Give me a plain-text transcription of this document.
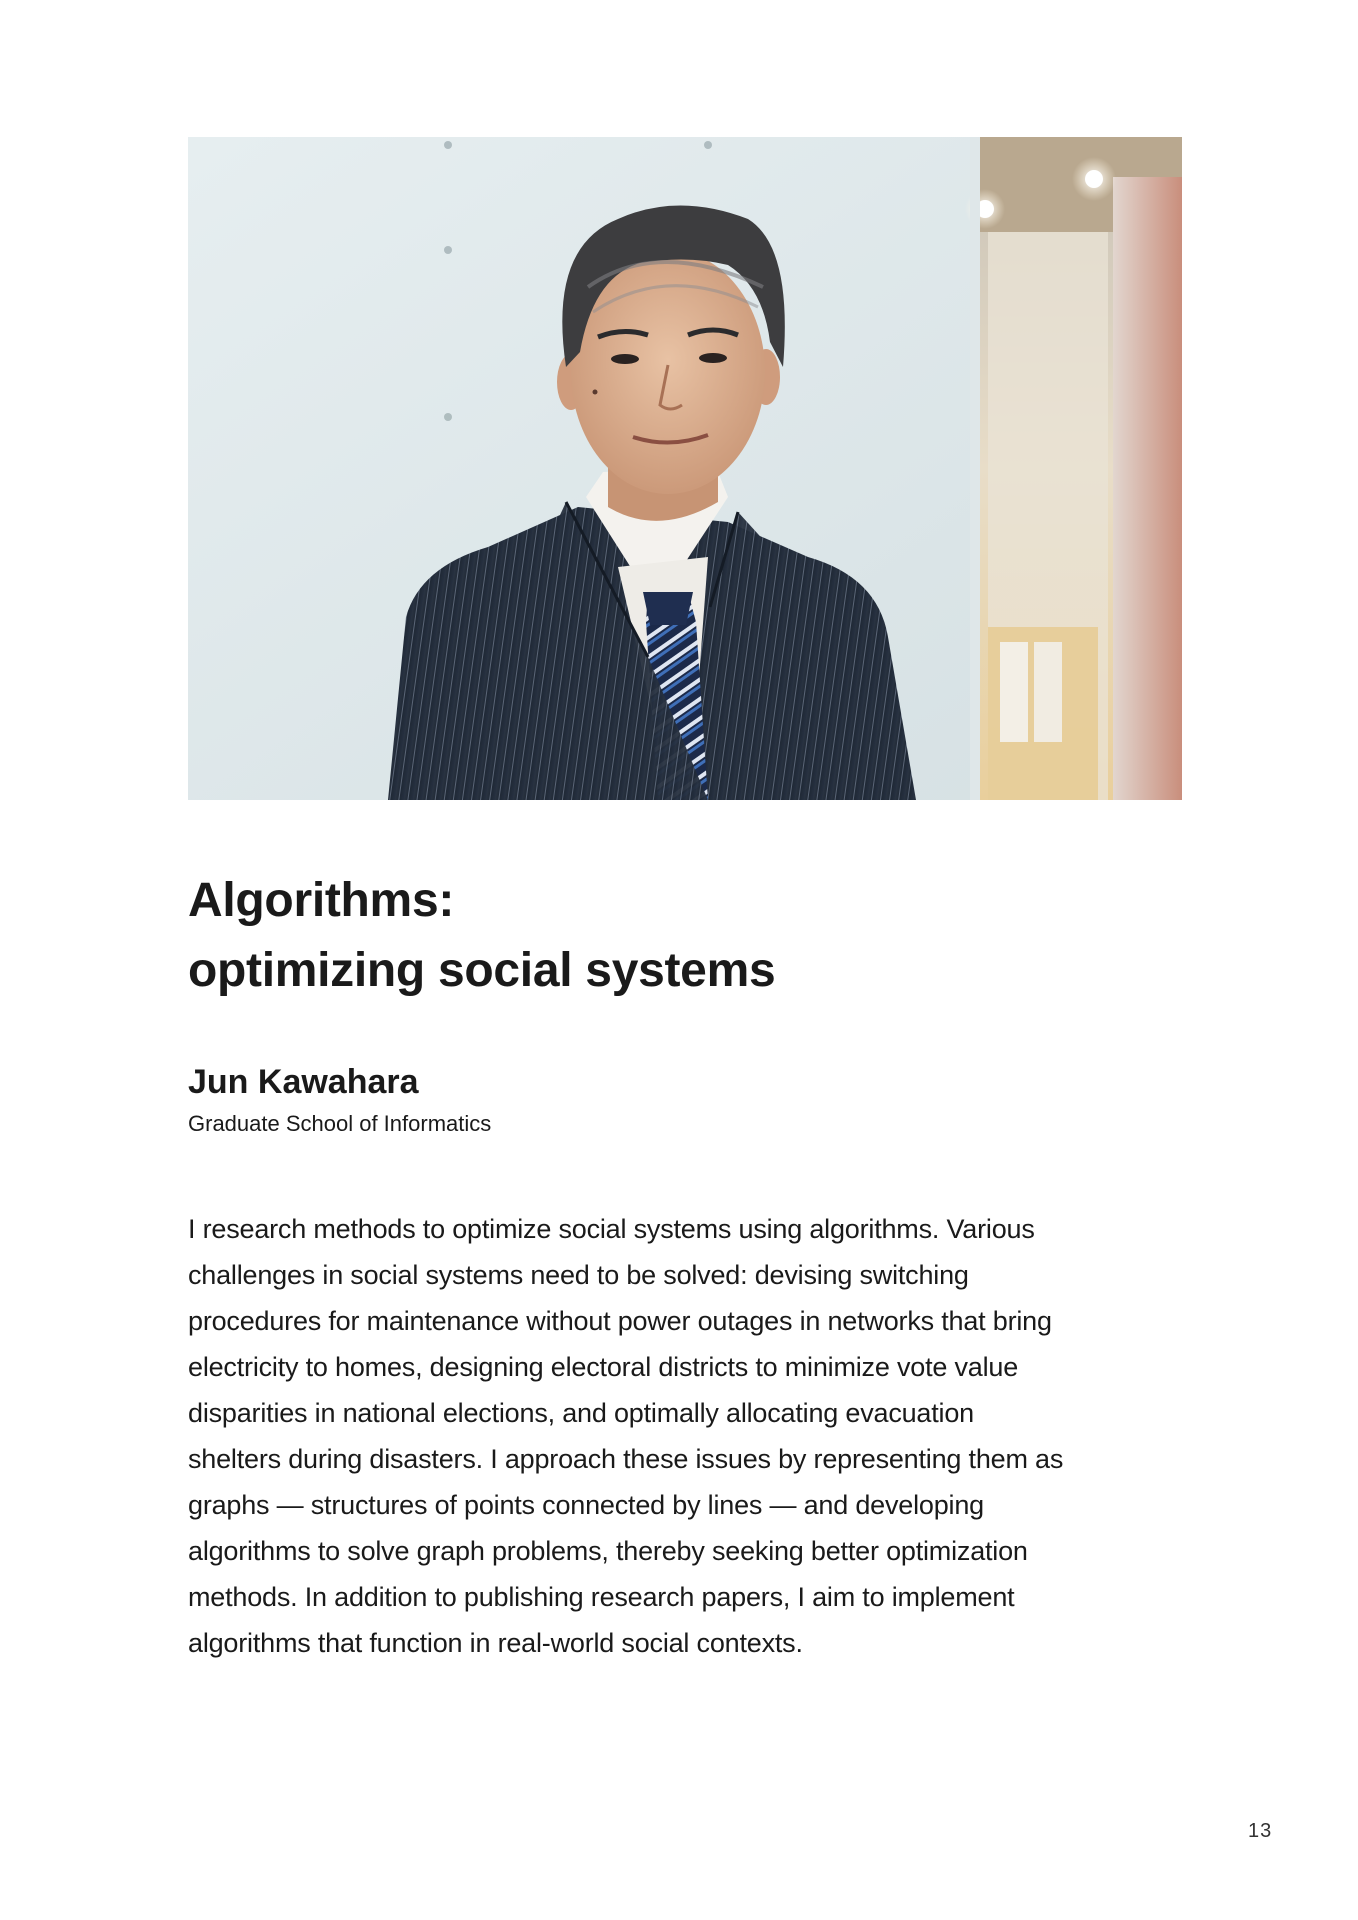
Algorithms:
optimizing social systems
Jun Kawahara
Graduate School of Informatics

I research methods to optimize social systems using algorithms. Various
challenges in social systems need to be solved: devising switching
procedures for maintenance without power outages in networks that bring
electricity to homes, designing electoral districts to minimize vote value
disparities in national elections, and optimally allocating evacuation
shelters during disasters. I approach these issues by representing them as
graphs — structures of points connected by lines — and developing
algorithms to solve graph problems, thereby seeking better optimization
methods. In addition to publishing research papers, I aim to implement
algorithms that function in real-world social contexts.

13
